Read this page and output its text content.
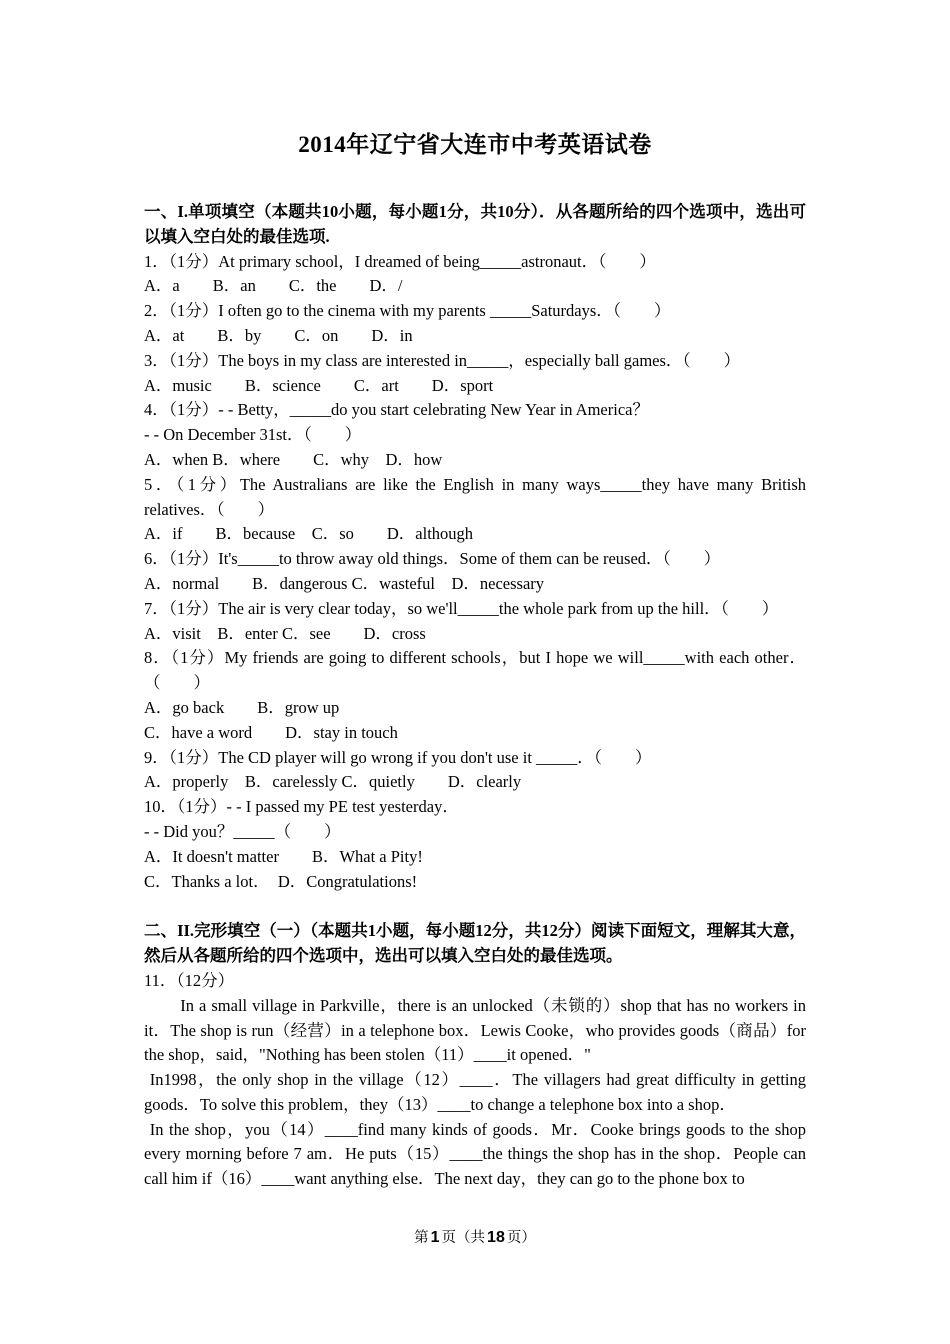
2014年辽宁省大连市中考英语试卷

一、I.单项填空（本题共10小题，每小题1分，共10分）．从各题所给的四个选项中，选出可以填入空白处的最佳选项.

1．（1分）At primary school，I dreamed of being_____astronaut．（　　）

A．a　　B．an　　C．the　　D．/

2．（1分）I often go to the cinema with my parents _____Saturdays．（　　）

A．at　　B．by　　C．on　　D．in

3．（1分）The boys in my class are interested in_____，especially ball games．（　　）

A．music　　B．science　　C．art　　D．sport

4．（1分）- - Betty，_____do you start celebrating New Year in America？

- - On December 31st．（　　）

A．when B．where　　C．why　D．how

5．（1分）The Australians are like the English in many ways_____they have many British relatives．（　　）

A．if　　B．because　C．so　　D．although

6．（1分）It's_____to throw away old things．Some of them can be reused．（　　）

A．normal　　B．dangerous C．wasteful　D．necessary

7．（1分）The air is very clear today，so we'll_____the whole park from up the hill．（　　）

A．visit　B．enter C．see　　D．cross

8．（1分）My friends are going to different schools，but I hope we will_____with each other．（　　）

A．go back　　B．grow up

C．have a word　　D．stay in touch

9．（1分）The CD player will go wrong if you don't use it _____．（　　）

A．properly　B．carelessly C．quietly　　D．clearly

10．（1分）- - I passed my PE test yesterday．

- - Did you？_____（　　）

A．It doesn't matter　　B．What a Pity!

C．Thanks a lot．　D．Congratulations!

二、II.完形填空（一）（本题共1小题，每小题12分，共12分）阅读下面短文，理解其大意，然后从各题所给的四个选项中，选出可以填入空白处的最佳选项。

11．（12分）

In a small village in Parkville，there is an unlocked（未锁的）shop that has no workers in it．The shop is run（经营）in a telephone box．Lewis Cooke，who provides goods（商品）for the shop，said，"Nothing has been stolen（11）____it opened．"

In1998，the only shop in the village（12）____．The villagers had great difficulty in getting goods．To solve this problem，they（13）____to change a telephone box into a shop．

In the shop，you（14）____find many kinds of goods．Mr．Cooke brings goods to the shop every morning before 7 am．He puts（15）____the things the shop has in the shop．People can call him if（16）____want anything else．The next day，they can go to the phone box to

第 1 页（共 18 页）
